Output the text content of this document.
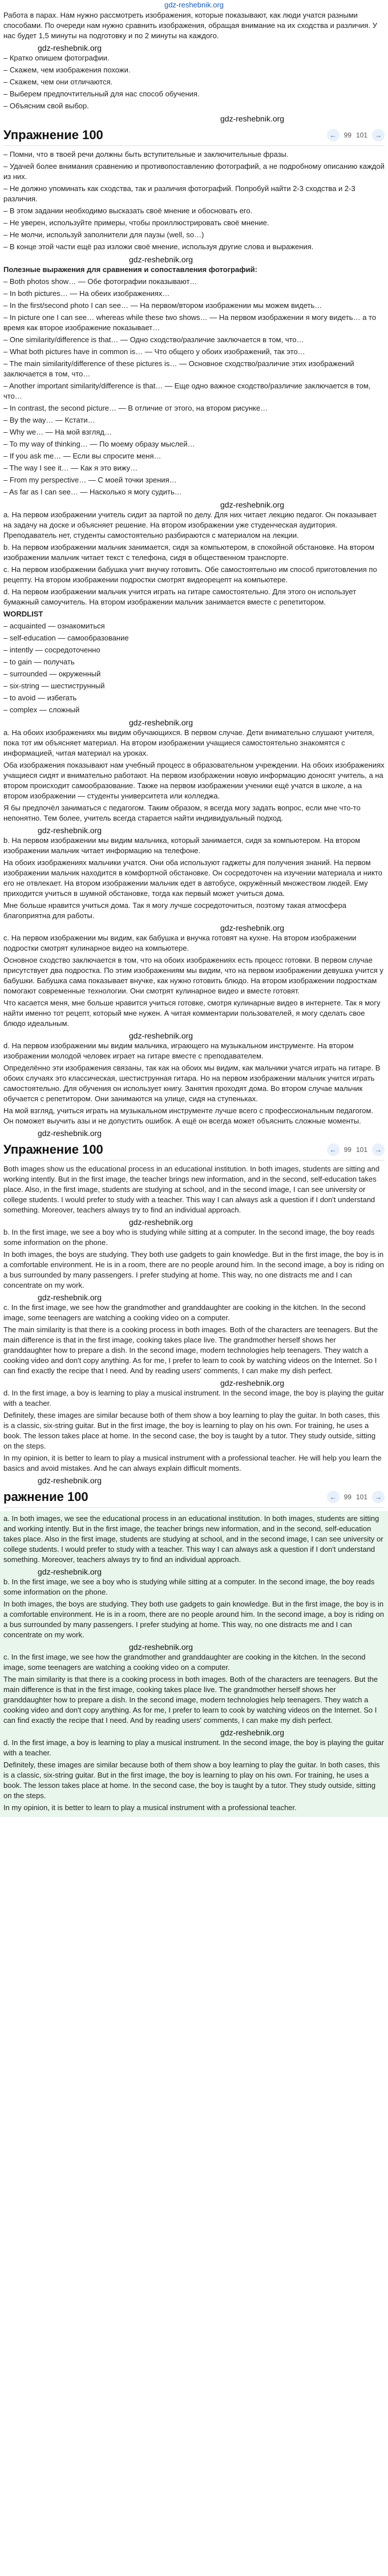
gdz-reshebnik.org

Работа в парах. Нам нужно рассмотреть изображения, которые показывают, как люди учатся разными способами. По очереди нам нужно сравнить изображения, обращая внимание на их сходства и различия. У нас будет 1,5 минуты на подготовку и по 2 минуты на каждого.

gdz-reshebnik.org
– Кратко опишем фотографии.
– Скажем, чем изображения похожи.
– Скажем, чем они отличаются.
– Выберем предпочтительный для нас способ обучения.
– Объясним свой выбор.
gdz-reshebnik.org
Упражнение 100	←	99 101	→
– Помни, что в твоей речи должны быть вступительные и заключительные фразы.
– Удачей более внимания сравнению и противопоставлению фотографий, а не подробному описанию каждой из них.
– Не должно упоминать как сходства, так и различия фотографий. Попробуй найти 2-3 сходства и 2-3 различия.
– В этом задании необходимо высказать своё мнение и обосновать его.
– Не уверен, используйте примеры, чтобы проиллюстрировать своё мнение.
– Не молчи, используй заполнители для паузы (well, so…)
– В конце этой части ещё раз изложи своё мнение, используя другие слова и выражения.
gdz-reshebnik.org

Полезные выражения для сравнения и сопоставления фотографий:

– Both photos show… — Обе фотографии показывают…
– In both pictures… — На обеих изображениях…
– In the first/second photo I can see… — На первом/втором изображении мы можем видеть…
– In picture one I can see… whereas while these two shows… — На первом изображении я могу видеть… а то время как второе изображение показывает…
– One similarity/difference is that… — Одно сходство/различие заключается в том, что…
– What both pictures have in common is… — Что общего у обоих изображений, так это…
– The main similarity/difference of these pictures is… — Основное сходство/различие этих изображений заключается в том, что…
– Another important similarity/difference is that… — Еще одно важное сходство/различие заключается в том, что…
– In contrast, the second picture… — В отличие от этого, на втором рисунке…
– By the way… — Кстати…
– Why we… — На мой взгляд…
– To my way of thinking… — По моему образу мыслей…
– If you ask me… — Если вы спросите меня…
– The way I see it… — Как я это вижу…
– From my perspective… — С моей точки зрения…
– As far as I can see… — Насколько я могу судить…
gdz-reshebnik.org

a. На первом изображении учитель сидит за партой по делу. Для них читает лекцию педагог. Он показывает на задачу на доске и объясняет решение. На втором изображении уже студенческая аудитория. Преподаватель нет, студенты самостоятельно разбираются с материалом на лекции.

b. На первом изображении мальчик занимается, сидя за компьютером, в спокойной обстановке. На втором изображении мальчик читает текст с телефона, сидя в общественном транспорте.

c. На первом изображении бабушка учит внучку готовить. Обе самостоятельно им способ приготовления по рецепту. На втором изображении подростки смотрят видеорецепт на компьютере.

d. На первом изображении мальчик учится играть на гитаре самостоятельно. Для этого он использует бумажный самоучитель. На втором изображении мальчик занимается вместе с репетитором.

WORDLIST

– acquainted — ознакомиться
– self-education — самообразование
– intently — сосредоточенно
– to gain — получать
– surrounded — окруженный
– six-string — шестиструнный
– to avoid — избегать
– complex — сложный
gdz-reshebnik.org

a. На обоих изображениях мы видим обучающихся. В первом случае. Дети внимательно слушают учителя, пока тот им объясняет материал. На втором изображении учащиеся самостоятельно знакомятся с информацией, читая материал на уроках.

Оба изображения показывают нам учебный процесс в образовательном учреждении. На обоих изображениях учащиеся сидят и внимательно работают. На первом изображении новую информацию доносят учитель, а на втором происходит самообразование. Также на первом изображении ученики ещё учатся в школе, а на втором изображении — студенты университета или колледжа.

Я бы предпочёл заниматься с педагогом. Таким образом, я всегда могу задать вопрос, если мне что-то непонятно. Тем более, учитель всегда старается найти индивидуальный подход.

gdz-reshebnik.org

b. На первом изображении мы видим мальчика, который занимается, сидя за компьютером. На втором изображении мальчик читает информацию на телефоне.

На обоих изображениях мальчики учатся. Они оба используют гаджеты для получения знаний. На первом изображении мальчик находится в комфортной обстановке. Он сосредоточен на изучении материала и никто его не отвлекает. На втором изображении мальчик едет в автобусе, окружённый множеством людей. Ему приходится учиться в шумной обстановке, тогда как первый может учиться дома.

Мне больше нравится учиться дома. Так я могу лучше сосредоточиться, поэтому такая атмосфера благоприятна для работы.

gdz-reshebnik.org

c. На первом изображении мы видим, как бабушка и внучка готовят на кухне. На втором изображении подростки смотрят кулинарное видео на компьютере.

Основное сходство заключается в том, что на обоих изображениях есть процесс готовки. В первом случае присутствует два подростка. По этим изображениям мы видим, что на первом изображении девушка учится у бабушки. Бабушка сама показывает внучке, как нужно готовить блюдо. На втором изображении подросткам помогают современные технологии. Они смотрят кулинарное видео и вместе готовят.

Что касается меня, мне больше нравится учиться готовке, смотря кулинарные видео в интернете. Так я могу найти именно тот рецепт, который мне нужен. А читая комментарии пользователей, я могу сделать свое блюдо идеальным.

gdz-reshebnik.org

d. На первом изображении мы видим мальчика, играющего на музыкальном инструменте. На втором изображении молодой человек играет на гитаре вместе с преподавателем.

Определённо эти изображения связаны, так как на обоих мы видим, как мальчики учатся играть на гитаре. В обоих случаях это классическая, шестиструнная гитара. Но на первом изображении мальчик учится играть самостоятельно. Для обучения он использует книгу. Занятия проходят дома. Во втором случае мальчик обучается с репетитором. Они занимаются на улице, сидя на ступеньках.

На мой взгляд, учиться играть на музыкальном инструменте лучше всего с профессиональным педагогом. Он поможет выучить азы и не допустить ошибок. А ещё он всегда может объяснить сложные моменты.

gdz-reshebnik.org
Упражнение 100	←	99 101	→

Both images show us the educational process in an educational institution. In both images, students are sitting and working intently. But in the first image, the teacher brings new information, and in the second, self-education takes place. Also, in the first image, students are studying at school, and in the second image, I can see university or college students. I would prefer to study with a teacher. This way I can always ask a question if I don't understand something. Moreover, teachers always try to find an individual approach.

gdz-reshebnik.org

b. In the first image, we see a boy who is studying while sitting at a computer. In the second image, the boy reads some information on the phone.

In both images, the boys are studying. They both use gadgets to gain knowledge. But in the first image, the boy is in a comfortable environment. He is in a room, there are no people around him. In the second image, a boy is riding on a bus surrounded by many passengers. I prefer studying at home. This way, no one distracts me and I can concentrate on my work.

gdz-reshebnik.org

c. In the first image, we see how the grandmother and granddaughter are cooking in the kitchen. In the second image, some teenagers are watching a cooking video on a computer.

The main similarity is that there is a cooking process in both images. Both of the characters are teenagers. But the main difference is that in the first image, cooking takes place live. The grandmother herself shows her granddaughter how to prepare a dish. In the second image, modern technologies help teenagers. They watch a cooking video and don't copy anything. As for me, I prefer to learn to cook by watching videos on the Internet. So I can find exactly the recipe that I need. And by reading users' comments, I can make my dish perfect.

gdz-reshebnik.org

d. In the first image, a boy is learning to play a musical instrument. In the second image, the boy is playing the guitar with a teacher.

Definitely, these images are similar because both of them show a boy learning to play the guitar. In both cases, this is a classic, six-string guitar. But in the first image, the boy is learning to play on his own. For training, he uses a book. The lesson takes place at home. In the second case, the boy is taught by a tutor. They study outside, sitting on the steps.

In my opinion, it is better to learn to play a musical instrument with a professional teacher. He will help you learn the basics and avoid mistakes. And he can always explain difficult moments.

gdz-reshebnik.org
ражнение 100	←	99 101	→

a. In both images, we see the educational process in an educational institution. In both images, students are sitting and working intently. But in the first image, the teacher brings new information, and in the second, self-education takes place. Also in the first image, students are studying at school, and in the second image, I can see university or college students. I would prefer to study with a teacher. This way I can always ask a question if I don't understand something. Moreover, teachers always try to find an individual approach.

gdz-reshebnik.org

b. In the first image, we see a boy who is studying while sitting at a computer. In the second image, the boy reads some information on the phone.

In both images, the boys are studying. They both use gadgets to gain knowledge. But in the first image, the boy is in a comfortable environment. He is in a room, there are no people around him. In the second image, a boy is riding on a bus surrounded by many passengers. I prefer studying at home. This way, no one distracts me and I can concentrate on my work.

gdz-reshebnik.org

c. In the first image, we see how the grandmother and granddaughter are cooking in the kitchen. In the second image, some teenagers are watching a cooking video on a computer.

The main similarity is that there is a cooking process in both images. Both of the characters are teenagers. But the main difference is that in the first image, cooking takes place live. The grandmother herself shows her granddaughter how to prepare a dish. In the second image, modern technologies help teenagers. They watch a cooking video and don't copy anything. As for me, I prefer to learn to cook by watching videos on the Internet. So I can find exactly the recipe that I need. And by reading users' comments, I can make my dish perfect.

gdz-reshebnik.org

d. In the first image, a boy is learning to play a musical instrument. In the second image, the boy is playing the guitar with a teacher.

Definitely, these images are similar because both of them show a boy learning to play the guitar. In both cases, this is a classic, six-string guitar. But in the first image, the boy is learning to play on his own. For training, he uses a book. The lesson takes place at home. In the second case, the boy is taught by a tutor. They study outside, sitting on the steps.

In my opinion, it is better to learn to play a musical instrument with a professional teacher.
